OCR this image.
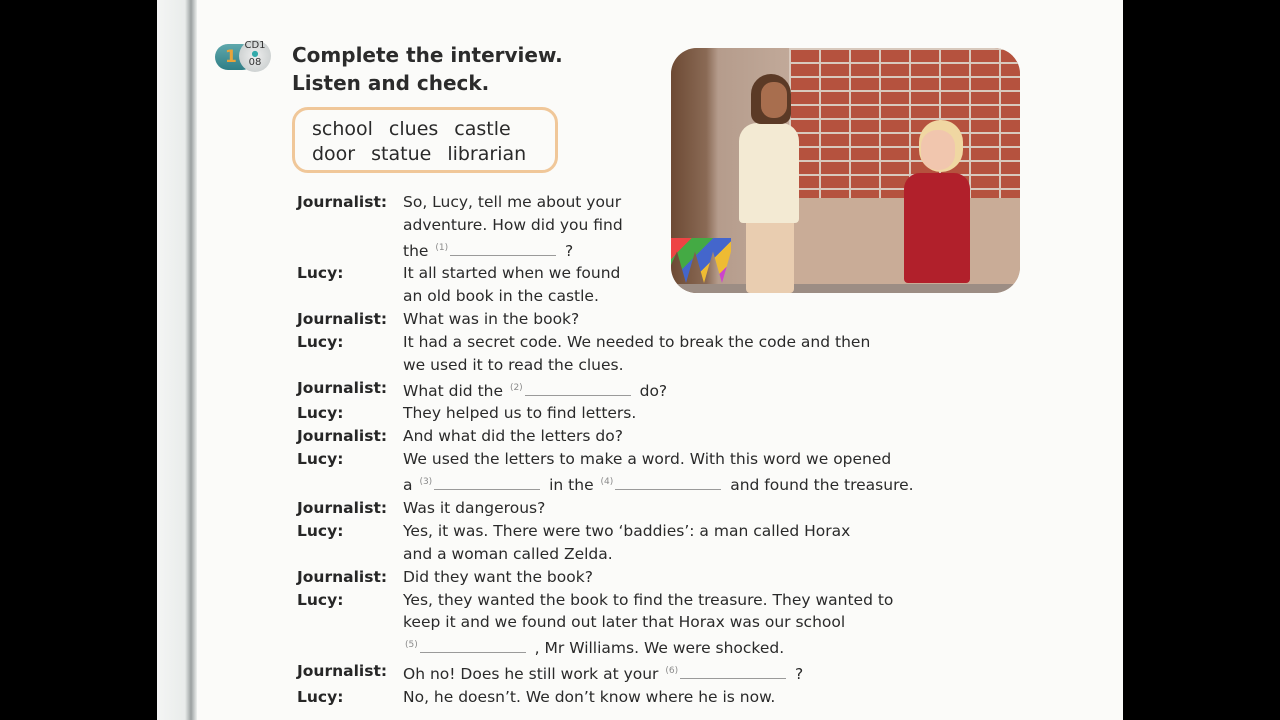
1
CD1
●
08	Complete the interview.
Listen and check.
school clues castle
door statue librarian
Journalist:	So, Lucy, tell me about your
adventure. How did you find
the $^{(1)}$	?
Lucy:	It all started when we found
an old book in the castle.
Journalist:	What was in the book?
Lucy:	It had a secret code. We needed to break the code and then
we used it to read the clues.
Journalist:	What did the $^{(2)}$	do?
Lucy:	They helped us to find letters.
Journalist:	And what did the letters do?
Lucy:	We used the letters to make a word. With this word we opened
a $^{(3)}$	in the $^{(4)}$	and found the treasure.
Journalist:	Was it dangerous?
Lucy:	Yes, it was. There were two ‘baddies’: a man called Horax
and a woman called Zelda.
Journalist:	Did they want the book?
Lucy:	Yes, they wanted the book to find the treasure. They wanted to
keep it and we found out later that Horax was our school
$^{(5)}$	, Mr Williams. We were shocked.
Journalist:	Oh no! Does he still work at your $^{(6)}$	?
Lucy:	No, he doesn’t. We don’t know where he is now.
